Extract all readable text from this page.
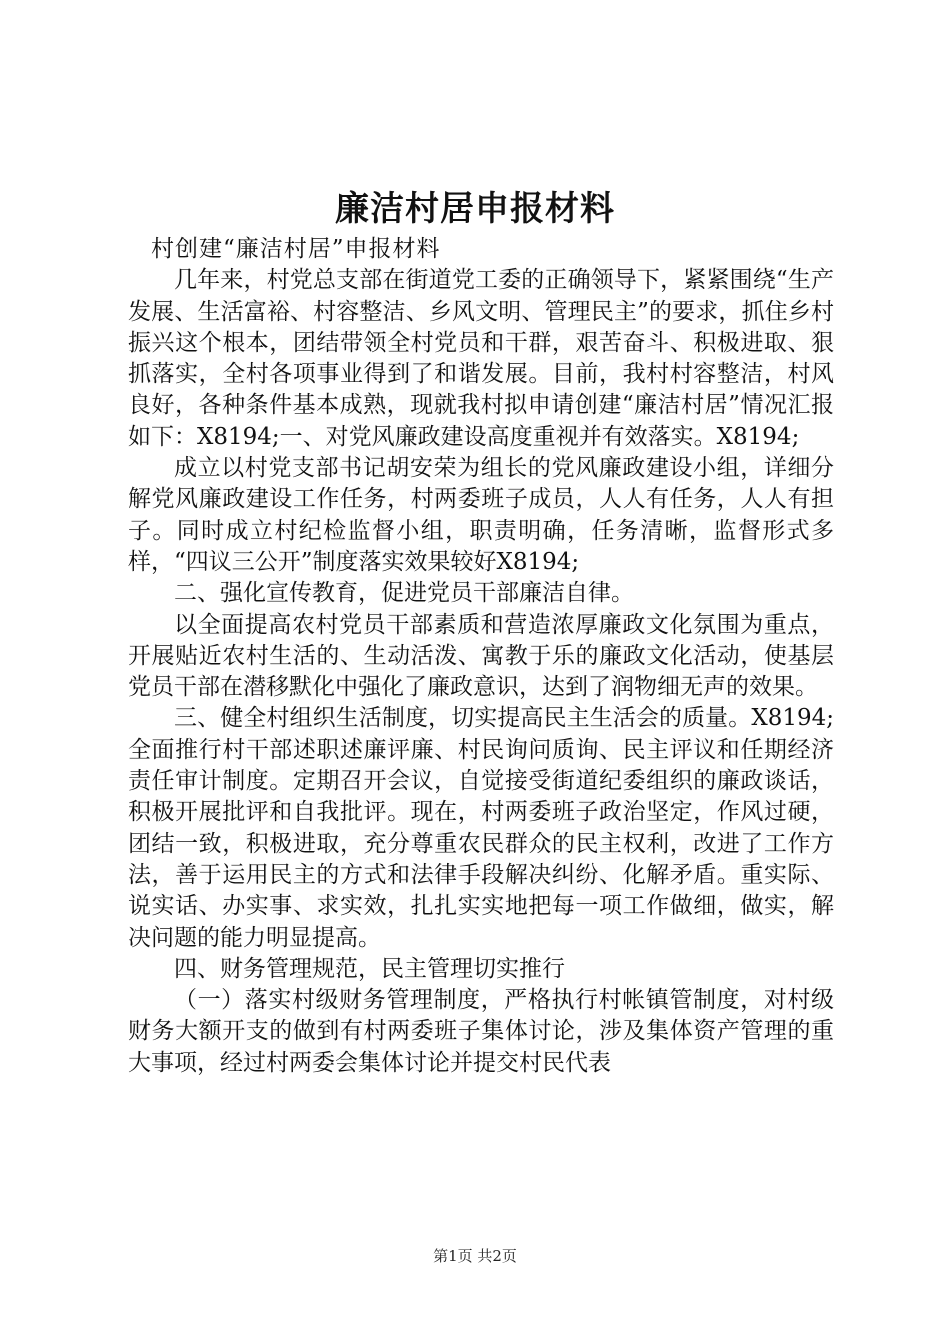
廉洁村居申报材料

村创建“廉洁村居”申报材料

几年来，村党总支部在街道党工委的正确领导下，紧紧围绕“生产发展、生活富裕、村容整洁、乡风文明、管理民主”的要求，抓住乡村振兴这个根本，团结带领全村党员和干群，艰苦奋斗、积极进取、狠抓落实，全村各项事业得到了和谐发展。目前，我村村容整洁，村风良好，各种条件基本成熟，现就我村拟申请创建“廉洁村居”情况汇报如下：X8194;一、对党风廉政建设高度重视并有效落实。X8194;

成立以村党支部书记胡安荣为组长的党风廉政建设小组，详细分解党风廉政建设工作任务，村两委班子成员，人人有任务，人人有担子。同时成立村纪检监督小组，职责明确，任务清晰，监督形式多样，“四议三公开”制度落实效果较好X8194;

二、强化宣传教育，促进党员干部廉洁自律。

以全面提高农村党员干部素质和营造浓厚廉政文化氛围为重点，开展贴近农村生活的、生动活泼、寓教于乐的廉政文化活动，使基层党员干部在潜移默化中强化了廉政意识，达到了润物细无声的效果。

三、健全村组织生活制度，切实提高民主生活会的质量。X8194;全面推行村干部述职述廉评廉、村民询问质询、民主评议和任期经济责任审计制度。定期召开会议，自觉接受街道纪委组织的廉政谈话，积极开展批评和自我批评。现在，村两委班子政治坚定，作风过硬，团结一致，积极进取，充分尊重农民群众的民主权利，改进了工作方法，善于运用民主的方式和法律手段解决纠纷、化解矛盾。重实际、说实话、办实事、求实效，扎扎实实地把每一项工作做细，做实，解决问题的能力明显提高。

四、财务管理规范，民主管理切实推行

（一）落实村级财务管理制度，严格执行村帐镇管制度，对村级财务大额开支的做到有村两委班子集体讨论，涉及集体资产管理的重大事项，经过村两委会集体讨论并提交村民代表

第1页 共2页
